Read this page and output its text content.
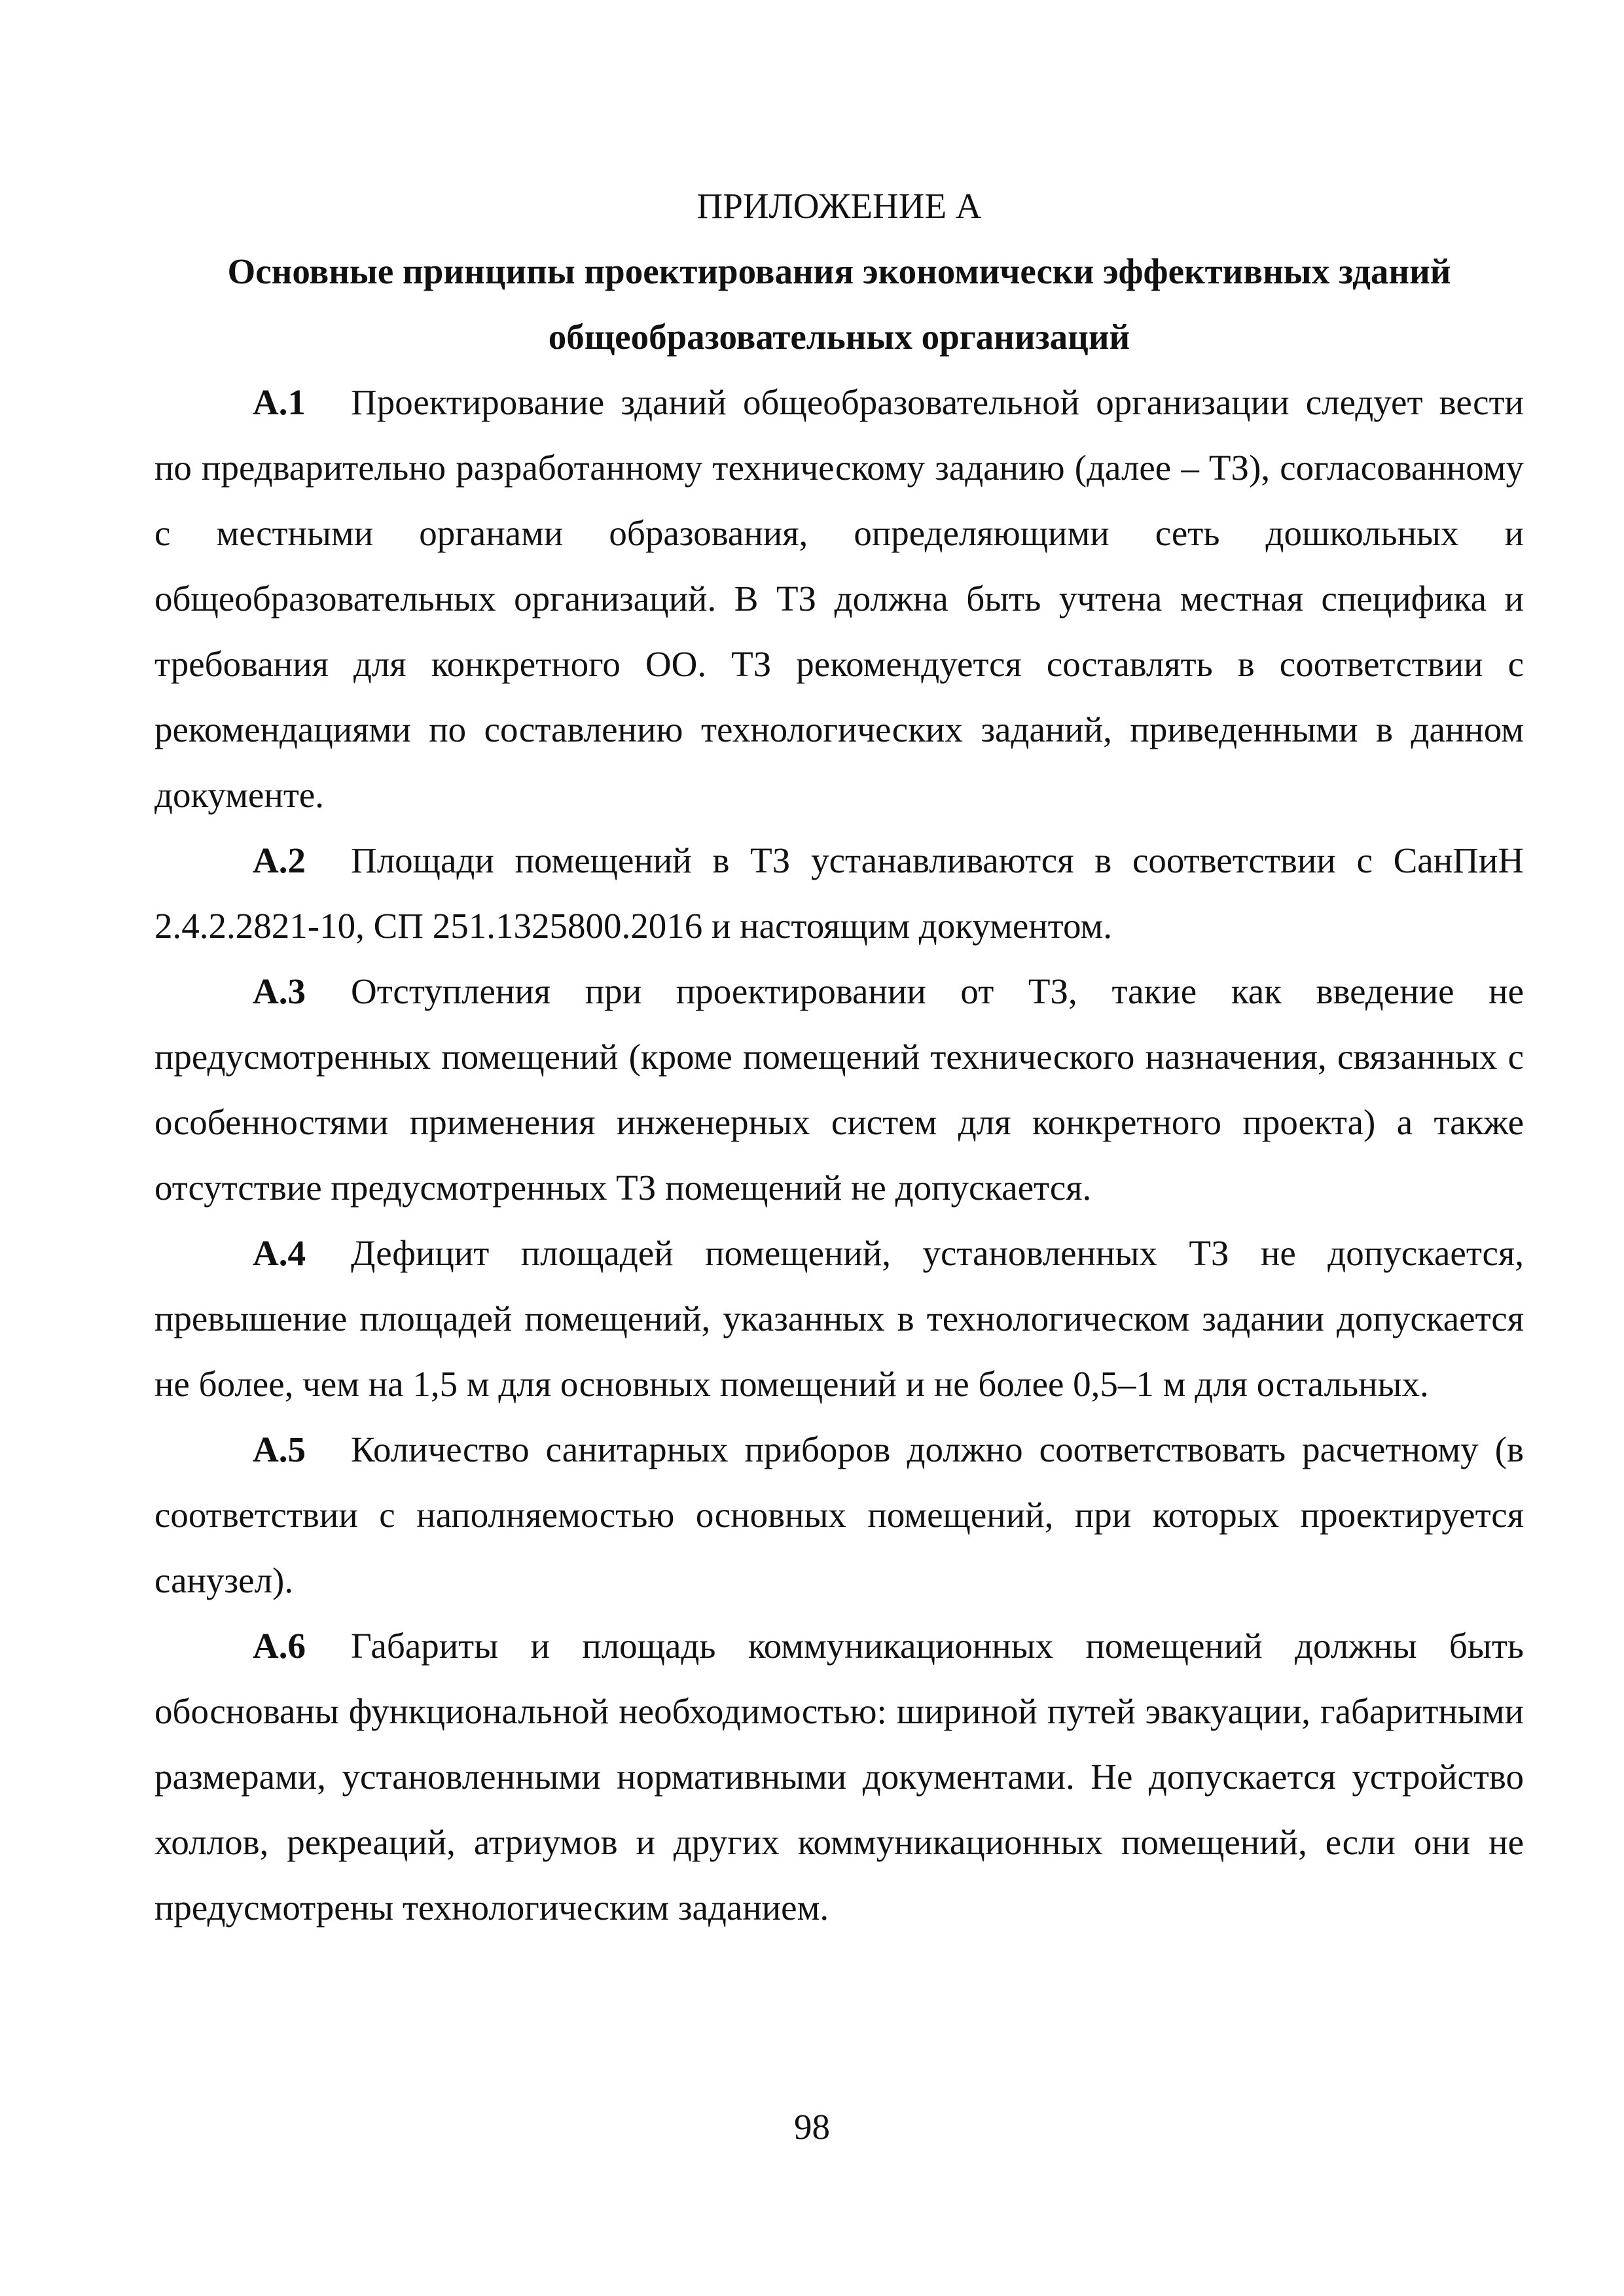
ПРИЛОЖЕНИЕ А

Основные принципы проектирования экономически эффективных зданий

общеобразовательных организаций

А.1 Проектирование зданий общеобразовательной организации следует вести по предварительно разработанному техническому заданию (далее – ТЗ), согласованному с местными органами образования, определяющими сеть дошкольных и общеобразовательных организаций. В ТЗ должна быть учтена местная специфика и требования для конкретного ОО. ТЗ рекомендуется составлять в соответствии с рекомендациями по составлению технологических заданий, приведенными в данном документе.

А.2 Площади помещений в ТЗ устанавливаются в соответствии с СанПиН 2.4.2.2821-10, СП 251.1325800.2016 и настоящим документом.

А.3 Отступления при проектировании от ТЗ, такие как введение не предусмотренных помещений (кроме помещений технического назначения, связанных с особенностями применения инженерных систем для конкретного проекта) а также отсутствие предусмотренных ТЗ помещений не допускается.

А.4 Дефицит площадей помещений, установленных ТЗ не допускается, превышение площадей помещений, указанных в технологическом задании допускается не более, чем на 1,5 м для основных помещений и не более 0,5–1 м для остальных.

А.5 Количество санитарных приборов должно соответствовать расчетному (в соответствии с наполняемостью основных помещений, при которых проектируется санузел).

А.6 Габариты и площадь коммуникационных помещений должны быть обоснованы функциональной необходимостью: шириной путей эвакуации, габаритными размерами, установленными нормативными документами. Не допускается устройство холлов, рекреаций, атриумов и других коммуникационных помещений, если они не предусмотрены технологическим заданием.

98
